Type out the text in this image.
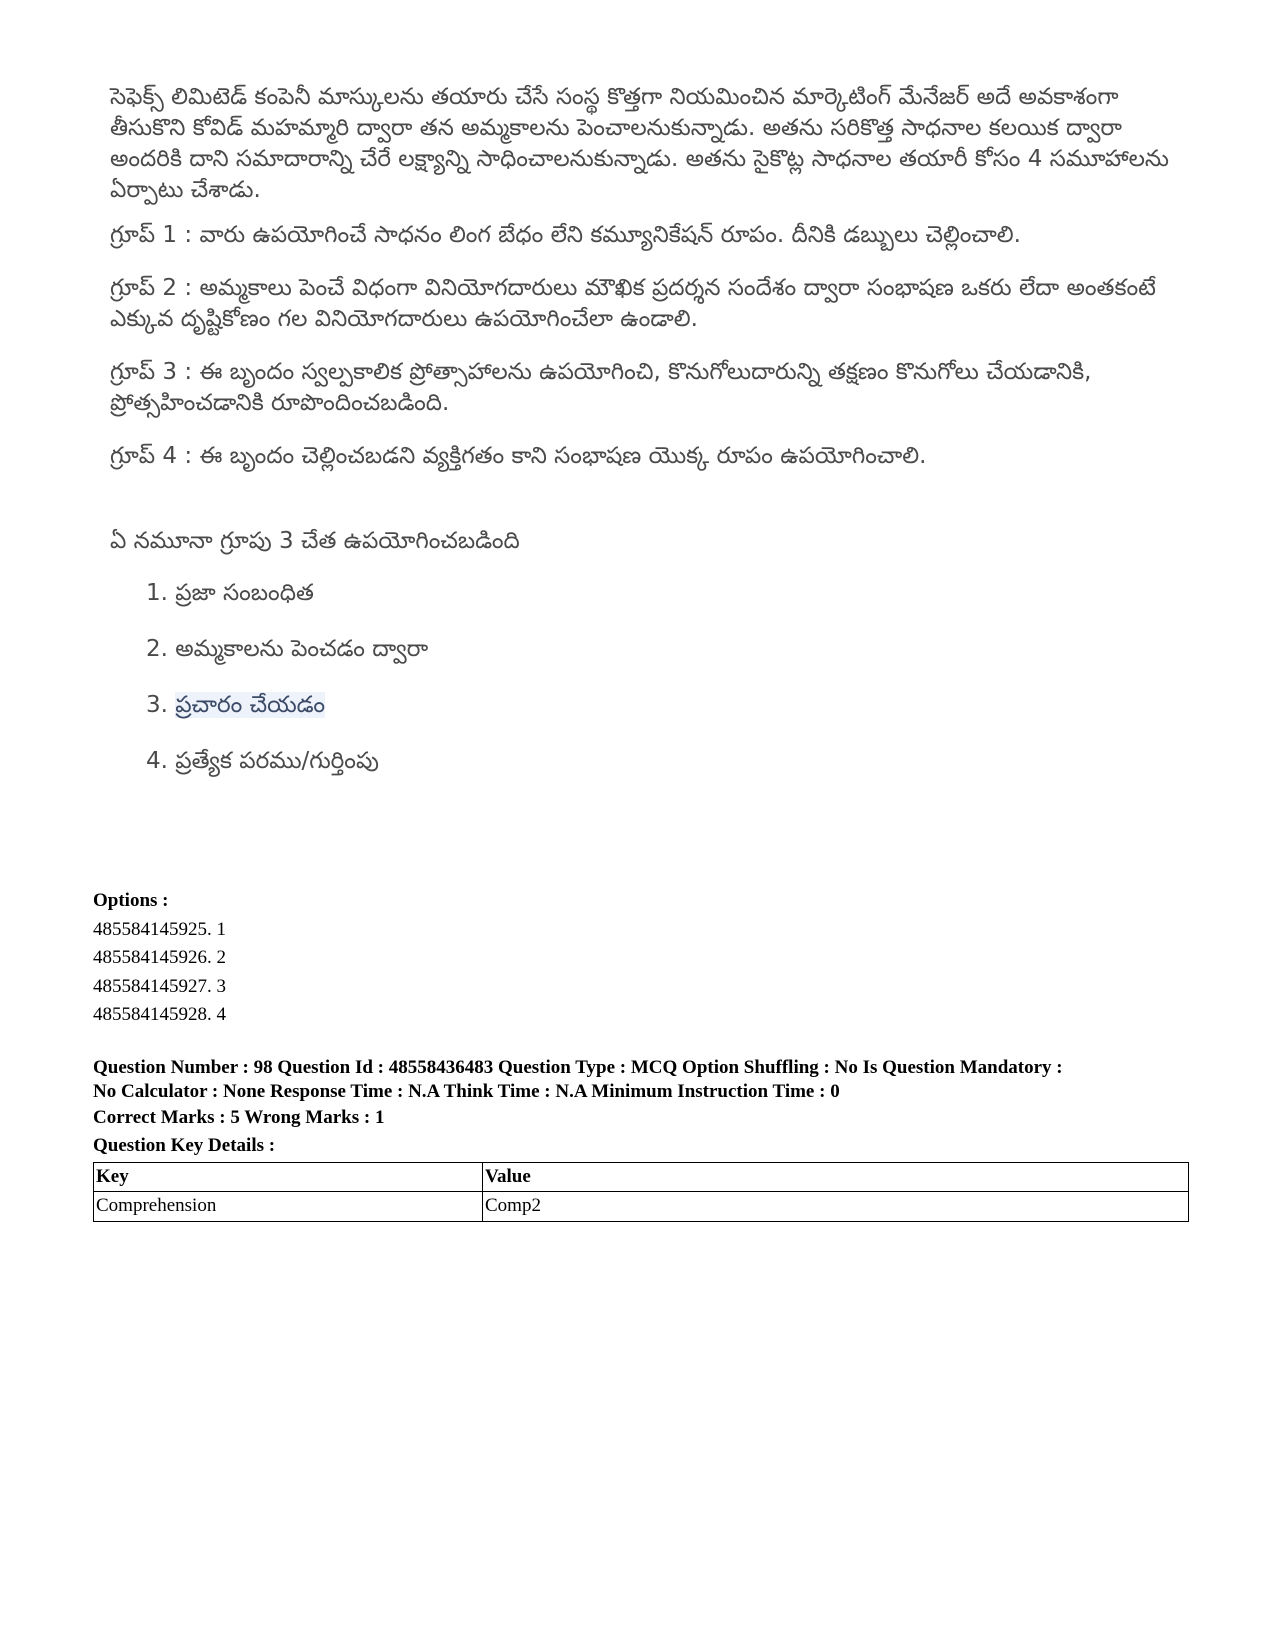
సెఫెక్స్ లిమిటెడ్ కంపెనీ మాస్కులను తయారు చేసే సంస్థ కొత్తగా నియమించిన మార్కెటింగ్ మేనేజర్ అదే అవకాశంగా తీసుకొని కోవిడ్ మహమ్మారి ద్వారా తన అమ్మకాలను పెంచాలనుకున్నాడు. అతను సరికొత్త సాధనాల కలయిక ద్వారా అందరికి దాని సమాదారాన్ని చేరే లక్ష్యాన్ని సాధించాలనుకున్నాడు. అతను సైకొట్ల సాధనాల తయారీ కోసం 4 సమూహాలను ఏర్పాటు చేశాడు.

గ్రూప్ 1 : వారు ఉపయోగించే సాధనం లింగ బేధం లేని కమ్యూనికేషన్ రూపం. దీనికి డబ్బులు చెల్లించాలి.

గ్రూప్ 2 : అమ్మకాలు పెంచే విధంగా వినియోగదారులు మౌఖిక ప్రదర్శన సందేశం ద్వారా సంభాషణ ఒకరు లేదా అంతకంటే ఎక్కువ దృష్టికోణం గల వినియోగదారులు ఉపయోగించేలా ఉండాలి.

గ్రూప్ 3 : ఈ బృందం స్వల్పకాలిక ప్రోత్సాహాలను ఉపయోగించి, కొనుగోలుదారున్ని తక్షణం కొనుగోలు చేయడానికి, ప్రోత్సహించడానికి రూపొందించబడింది.

గ్రూప్ 4 : ఈ బృందం చెల్లించబడని వ్యక్తిగతం కాని సంభాషణ యొక్క రూపం ఉపయోగించాలి.

ఏ నమూనా గ్రూపు 3 చేత ఉపయోగించబడింది

1. ప్రజా సంబంధిత
2. అమ్మకాలను పెంచడం ద్వారా
3. ప్రచారం చేయడం
4. ప్రత్యేక పరము/గుర్తింపు
Options :
485584145925. 1
485584145926. 2
485584145927. 3
485584145928. 4
Question Number : 98 Question Id : 48558436483 Question Type : MCQ Option Shuffling : No Is Question Mandatory :
No Calculator : None Response Time : N.A Think Time : N.A Minimum Instruction Time : 0
Correct Marks : 5 Wrong Marks : 1
Question Key Details :
Key	Value
Comprehension	Comp2
